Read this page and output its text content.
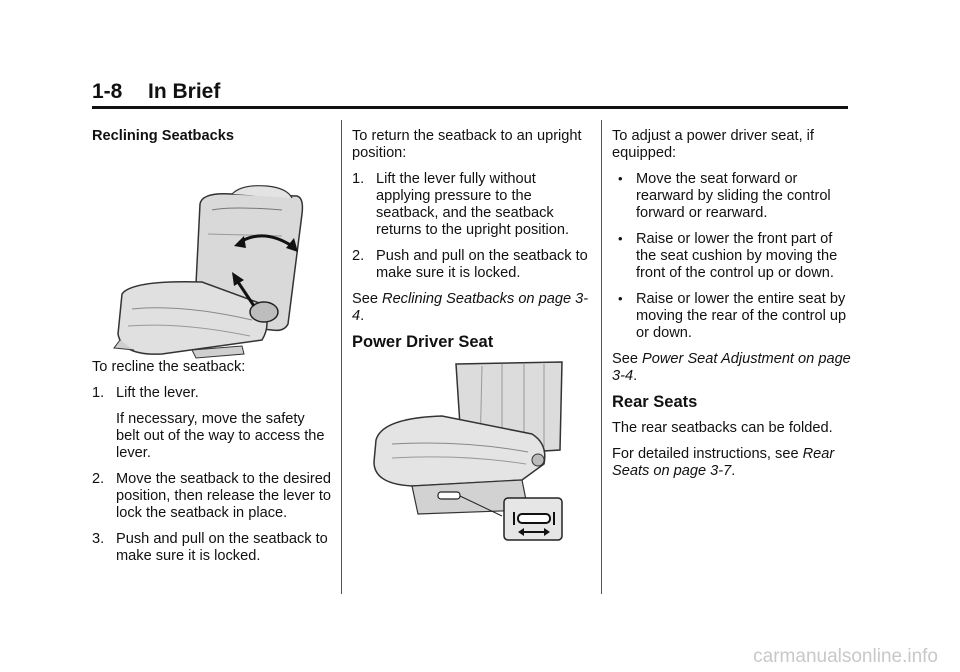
1-8 In Brief

Reclining Seatbacks

To recline the seatback:

1. Lift the lever.
If necessary, move the safety belt out of the way to access the lever.
2. Move the seatback to the desired position, then release the lever to lock the seatback in place.
3. Push and pull on the seatback to make sure it is locked.

To return the seatback to an upright position:

1. Lift the lever fully without applying pressure to the seatback, and the seatback returns to the upright position.
2. Push and pull on the seatback to make sure it is locked.

See Reclining Seatbacks on page 3-4.

Power Driver Seat

To adjust a power driver seat, if equipped:

• Move the seat forward or rearward by sliding the control forward or rearward.
• Raise or lower the front part of the seat cushion by moving the front of the control up or down.
• Raise or lower the entire seat by moving the rear of the control up or down.

See Power Seat Adjustment on page 3-4.

Rear Seats

The rear seatbacks can be folded.

For detailed instructions, see Rear Seats on page 3-7.

carmanualsonline.info
